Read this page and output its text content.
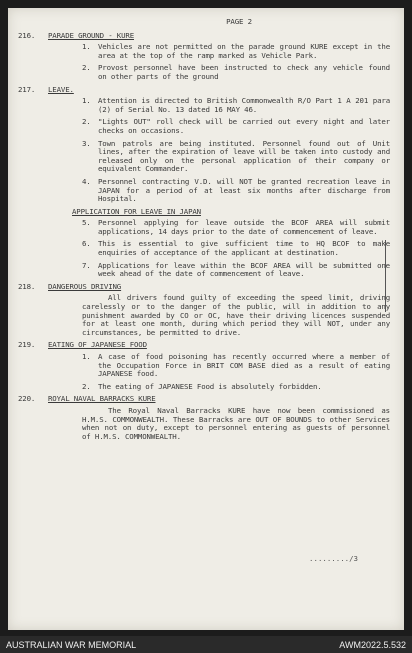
PAGE 2
216.	PARADE GROUND - KURE
1. Vehicles are not permitted on the parade ground KURE except in the area at the top of the ramp marked as Vehicle Park.
2. Provost personnel have been instructed to check any vehicle found on other parts of the ground
217.	LEAVE.
1. Attention is directed to British Commonwealth R/O Part 1 A 201 para (2) of Serial No. 13 dated 16 MAY 46.
2. "Lights OUT" roll check will be carried out every night and later checks on occasions.
3. Town patrols are being instituted. Personnel found out of Unit lines, after the expiration of leave will be taken into custody and released only on the personal application of their company or equivalent Commander.
4. Personnel contracting V.D. will NOT be granted recreation leave in JAPAN for a period of at least six months after discharge from Hospital.
APPLICATION FOR LEAVE IN JAPAN
5. Personnel applying for leave outside the BCOF AREA will submit applications, 14 days prior to the date of commencement of leave.
6. This is essential to give sufficient time to HQ BCOF to make enquiries of acceptance of the applicant at destination.
7. Applications for leave within the BCOF AREA will be submitted one week ahead of the date of commencement of leave.
218.	DANGEROUS DRIVING
All drivers found guilty of exceeding the speed limit, driving carelessly or to the danger of the public, will in addition to any punishment awarded by CO or OC, have their driving licences suspended for at least one month, during which period they will NOT, under any circumstances, be permitted to drive.
219.	EATING OF JAPANESE FOOD
1. A case of food poisoning has recently occurred where a member of the Occupation Force in BRIT COM BASE died as a result of eating JAPANESE food.
2. The eating of JAPANESE Food is absolutely forbidden.
220.	ROYAL NAVAL BARRACKS KURE
The Royal Naval Barracks KURE have now been commissioned as H.M.S. COMMONWEALTH. These Barracks are OUT OF BOUNDS to other Services when not on duty, except to personnel entering as guests of personnel of H.M.S. COMMONWEALTH.
........./3
AUSTRALIAN WAR MEMORIAL	AWM2022.5.532
